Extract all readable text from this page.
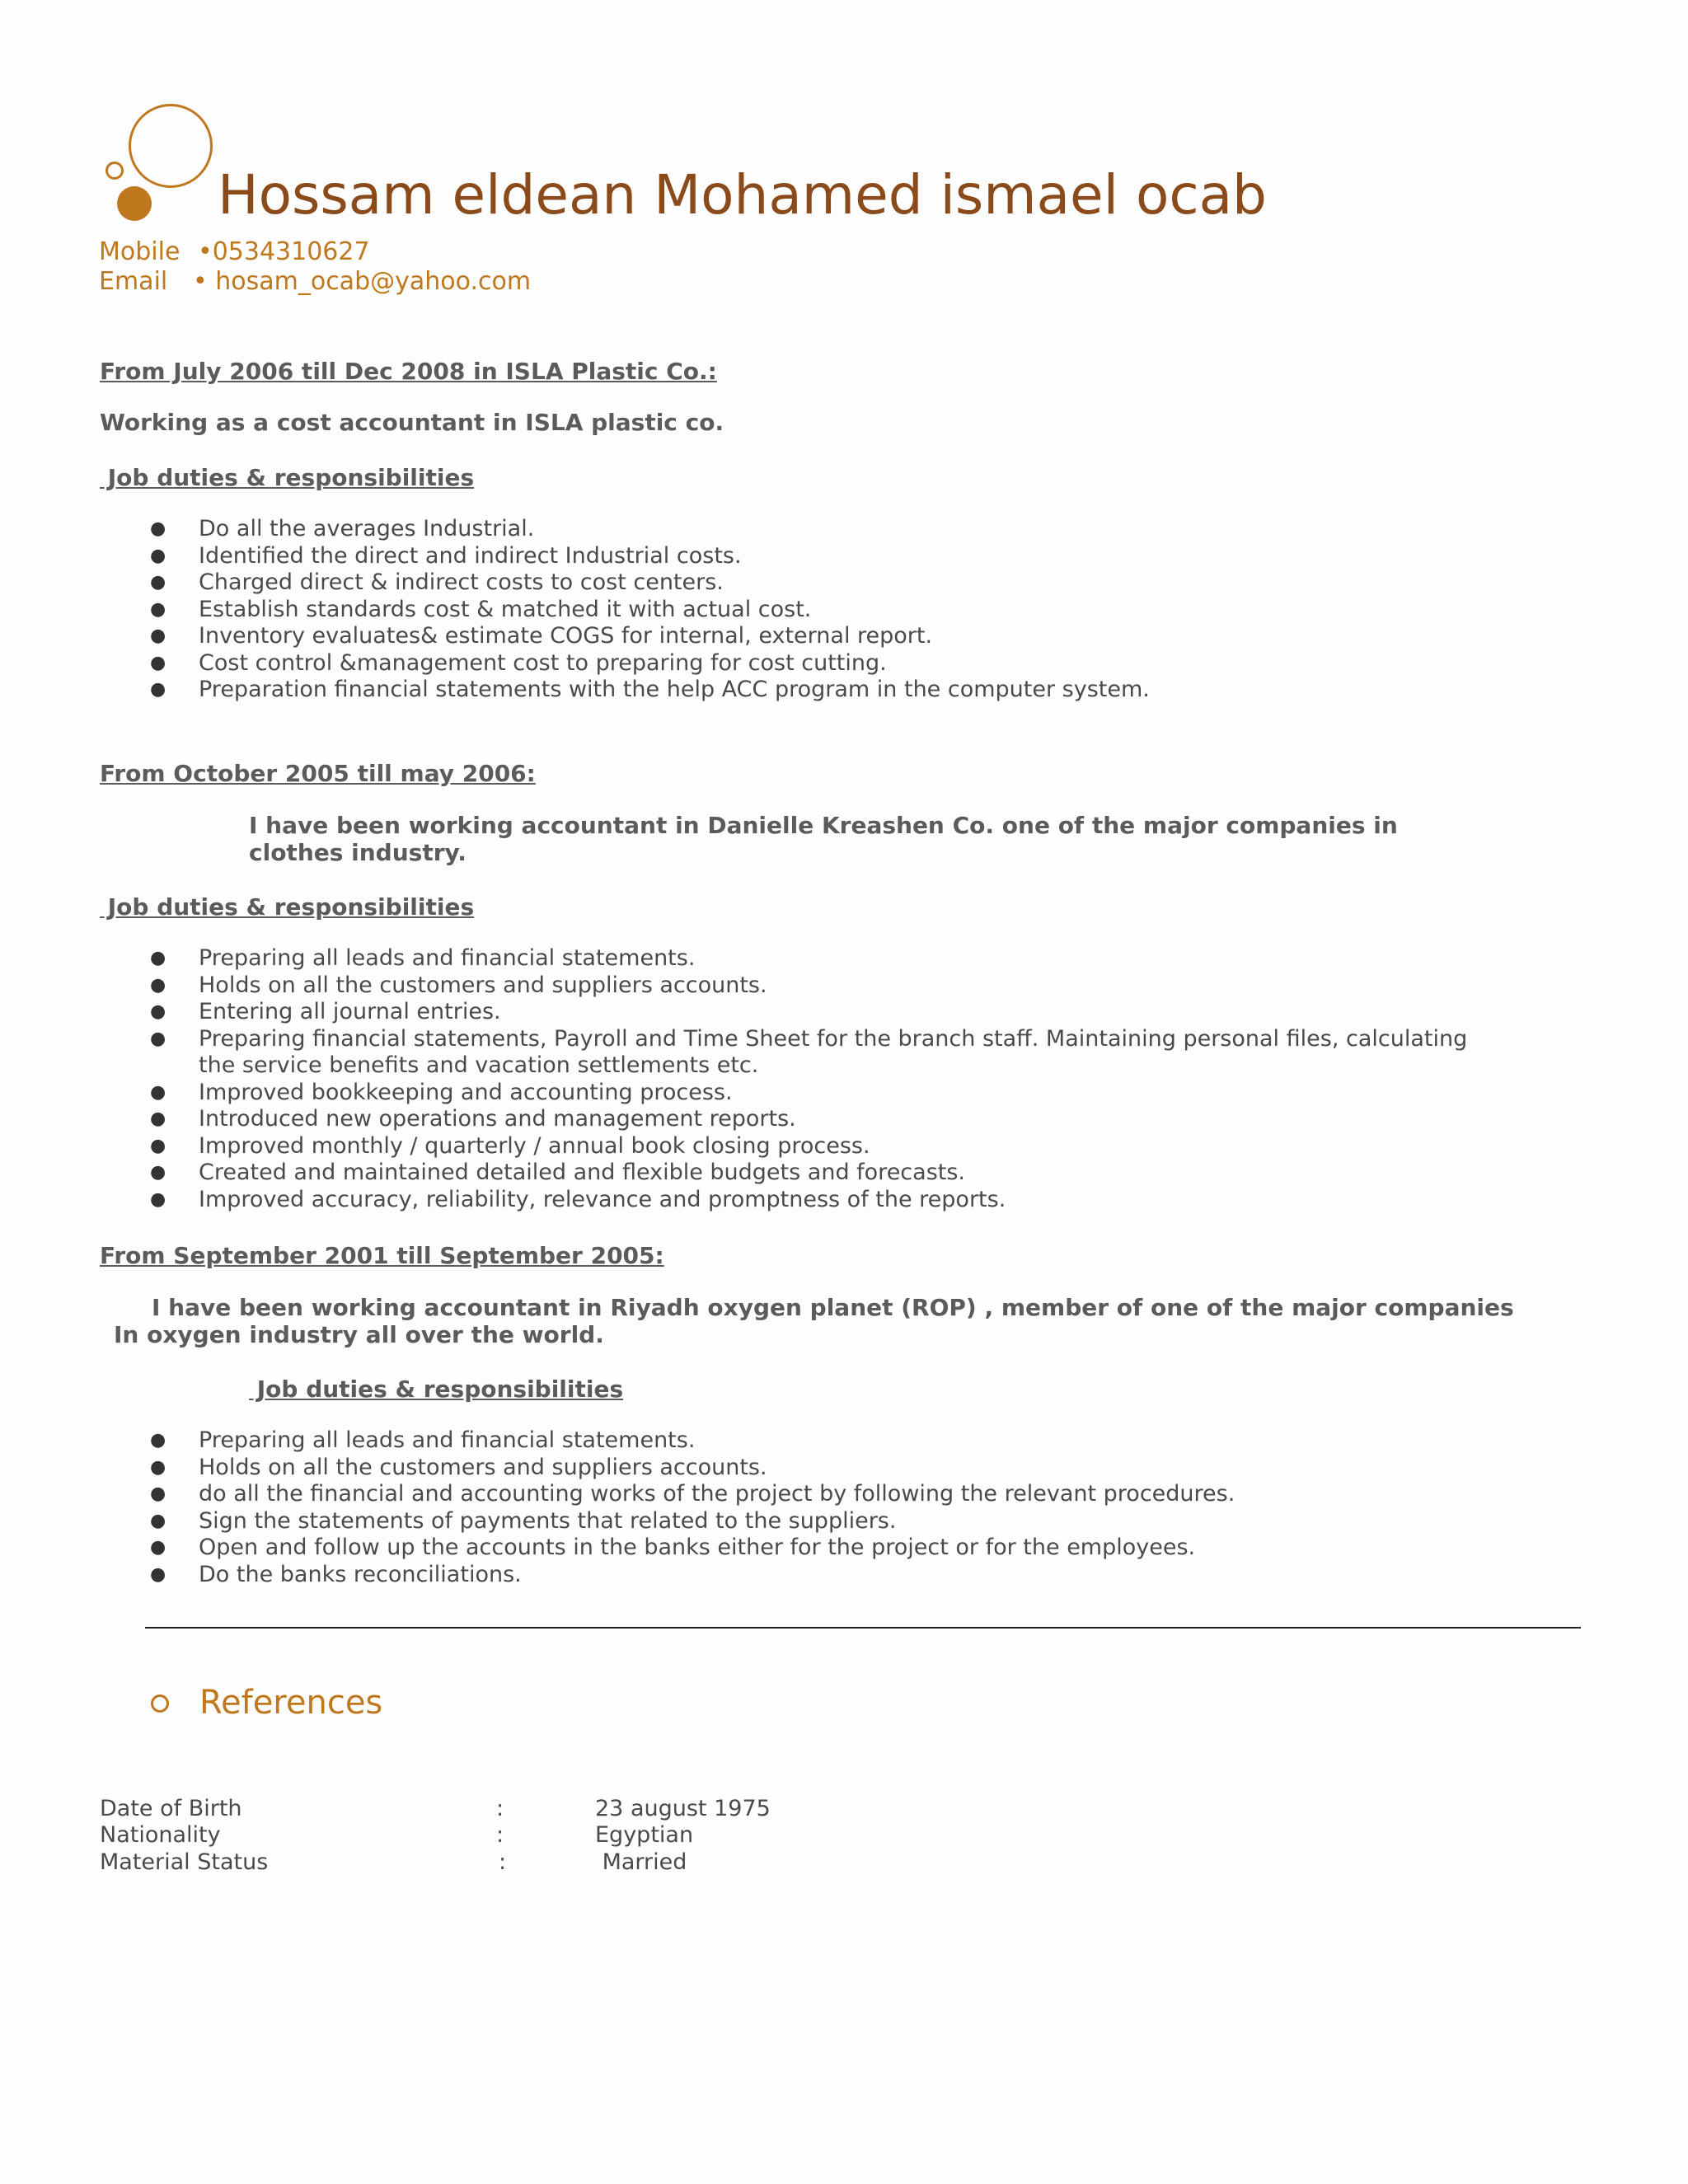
Hossam eldean Mohamed ismael ocab
Mobile •0534310627
Email • hosam_ocab@yahoo.com
From July 2006 till Dec 2008 in ISLA Plastic Co.:
Working as a cost accountant in ISLA plastic co.
Job duties & responsibilities
● Do all the averages Industrial.
● Identified the direct and indirect Industrial costs.
● Charged direct & indirect costs to cost centers.
● Establish standards cost & matched it with actual cost.
● Inventory evaluates& estimate COGS for internal, external report.
● Cost control &management cost to preparing for cost cutting.
● Preparation financial statements with the help ACC program in the computer system.
From October 2005 till may 2006:
I have been working accountant in Danielle Kreashen Co. one of the major companies in clothes industry.
Job duties & responsibilities
● Preparing all leads and financial statements.
● Holds on all the customers and suppliers accounts.
● Entering all journal entries.
● Preparing financial statements, Payroll and Time Sheet for the branch staff. Maintaining personal files, calculating the service benefits and vacation settlements etc.
● Improved bookkeeping and accounting process.
● Introduced new operations and management reports.
● Improved monthly / quarterly / annual book closing process.
● Created and maintained detailed and flexible budgets and forecasts.
● Improved accuracy, reliability, relevance and promptness of the reports.
From September 2001 till September 2005:
I have been working accountant in Riyadh oxygen planet (ROP) , member of one of the major companies
In oxygen industry all over the world.
Job duties & responsibilities
● Preparing all leads and financial statements.
● Holds on all the customers and suppliers accounts.
● do all the financial and accounting works of the project by following the relevant procedures.
● Sign the statements of payments that related to the suppliers.
● Open and follow up the accounts in the banks either for the project or for the employees.
● Do the banks reconciliations.
References
Date of Birth	:	23 august 1975
Nationality	:	Egyptian
Material Status	:	Married
